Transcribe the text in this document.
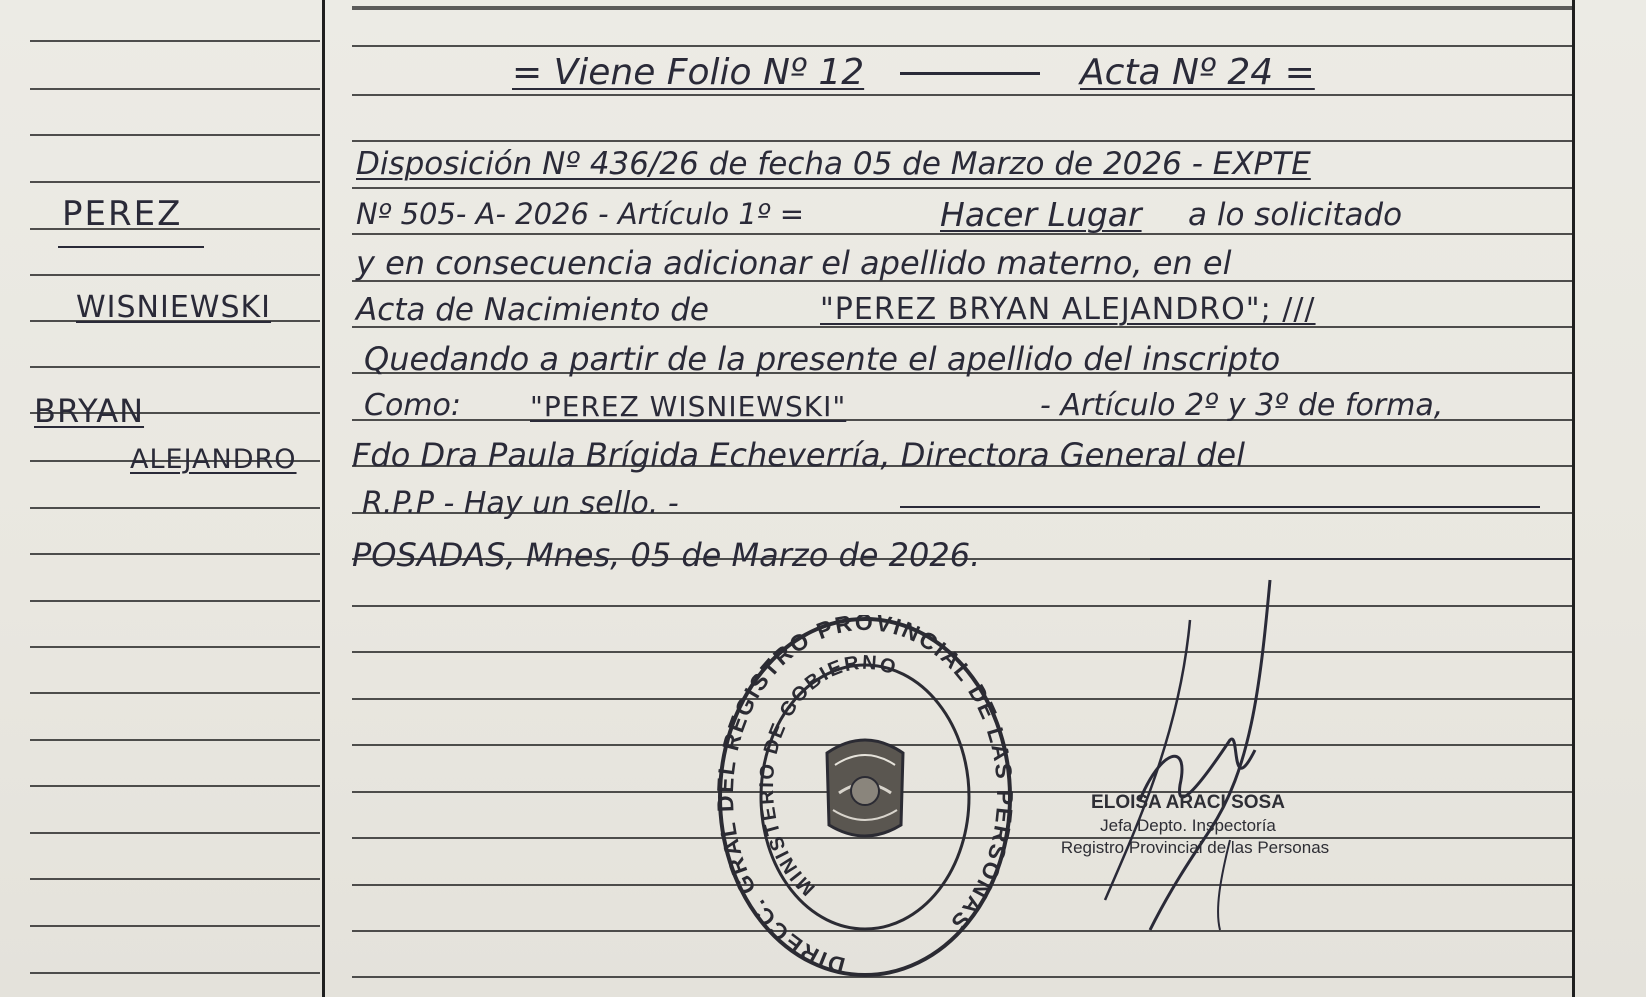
PEREZ
WISNIEWSKI
BRYAN
ALEJANDRO
= Viene Folio Nº 12	Acta Nº 24 =
Disposición Nº 436/26 de fecha 05 de Marzo de 2026 - EXPTE
Nº 505- A- 2026 - Artículo 1º =	Hacer Lugar a lo solicitado
y en consecuencia adicionar el apellido materno, en el
Acta de Nacimiento de	"PEREZ BRYAN ALEJANDRO"; ///
Quedando a partir de la presente el apellido del inscripto
Como: "PEREZ WISNIEWSKI"	- Artículo 2º y 3º de forma,
Fdo Dra Paula Brígida Echeverría, Directora General del
R.P.P - Hay un sello. -
POSADAS, Mnes, 05 de Marzo de 2026.
DIRECC. GRAL L REGISTRO PROVINCIAL DE LAS RSONAS
MINISTERIO DE GOBIERNO
ELOISA ARACI SOSA
Jefa Depto. Inspectoría
Registro Provincial de las Personas
